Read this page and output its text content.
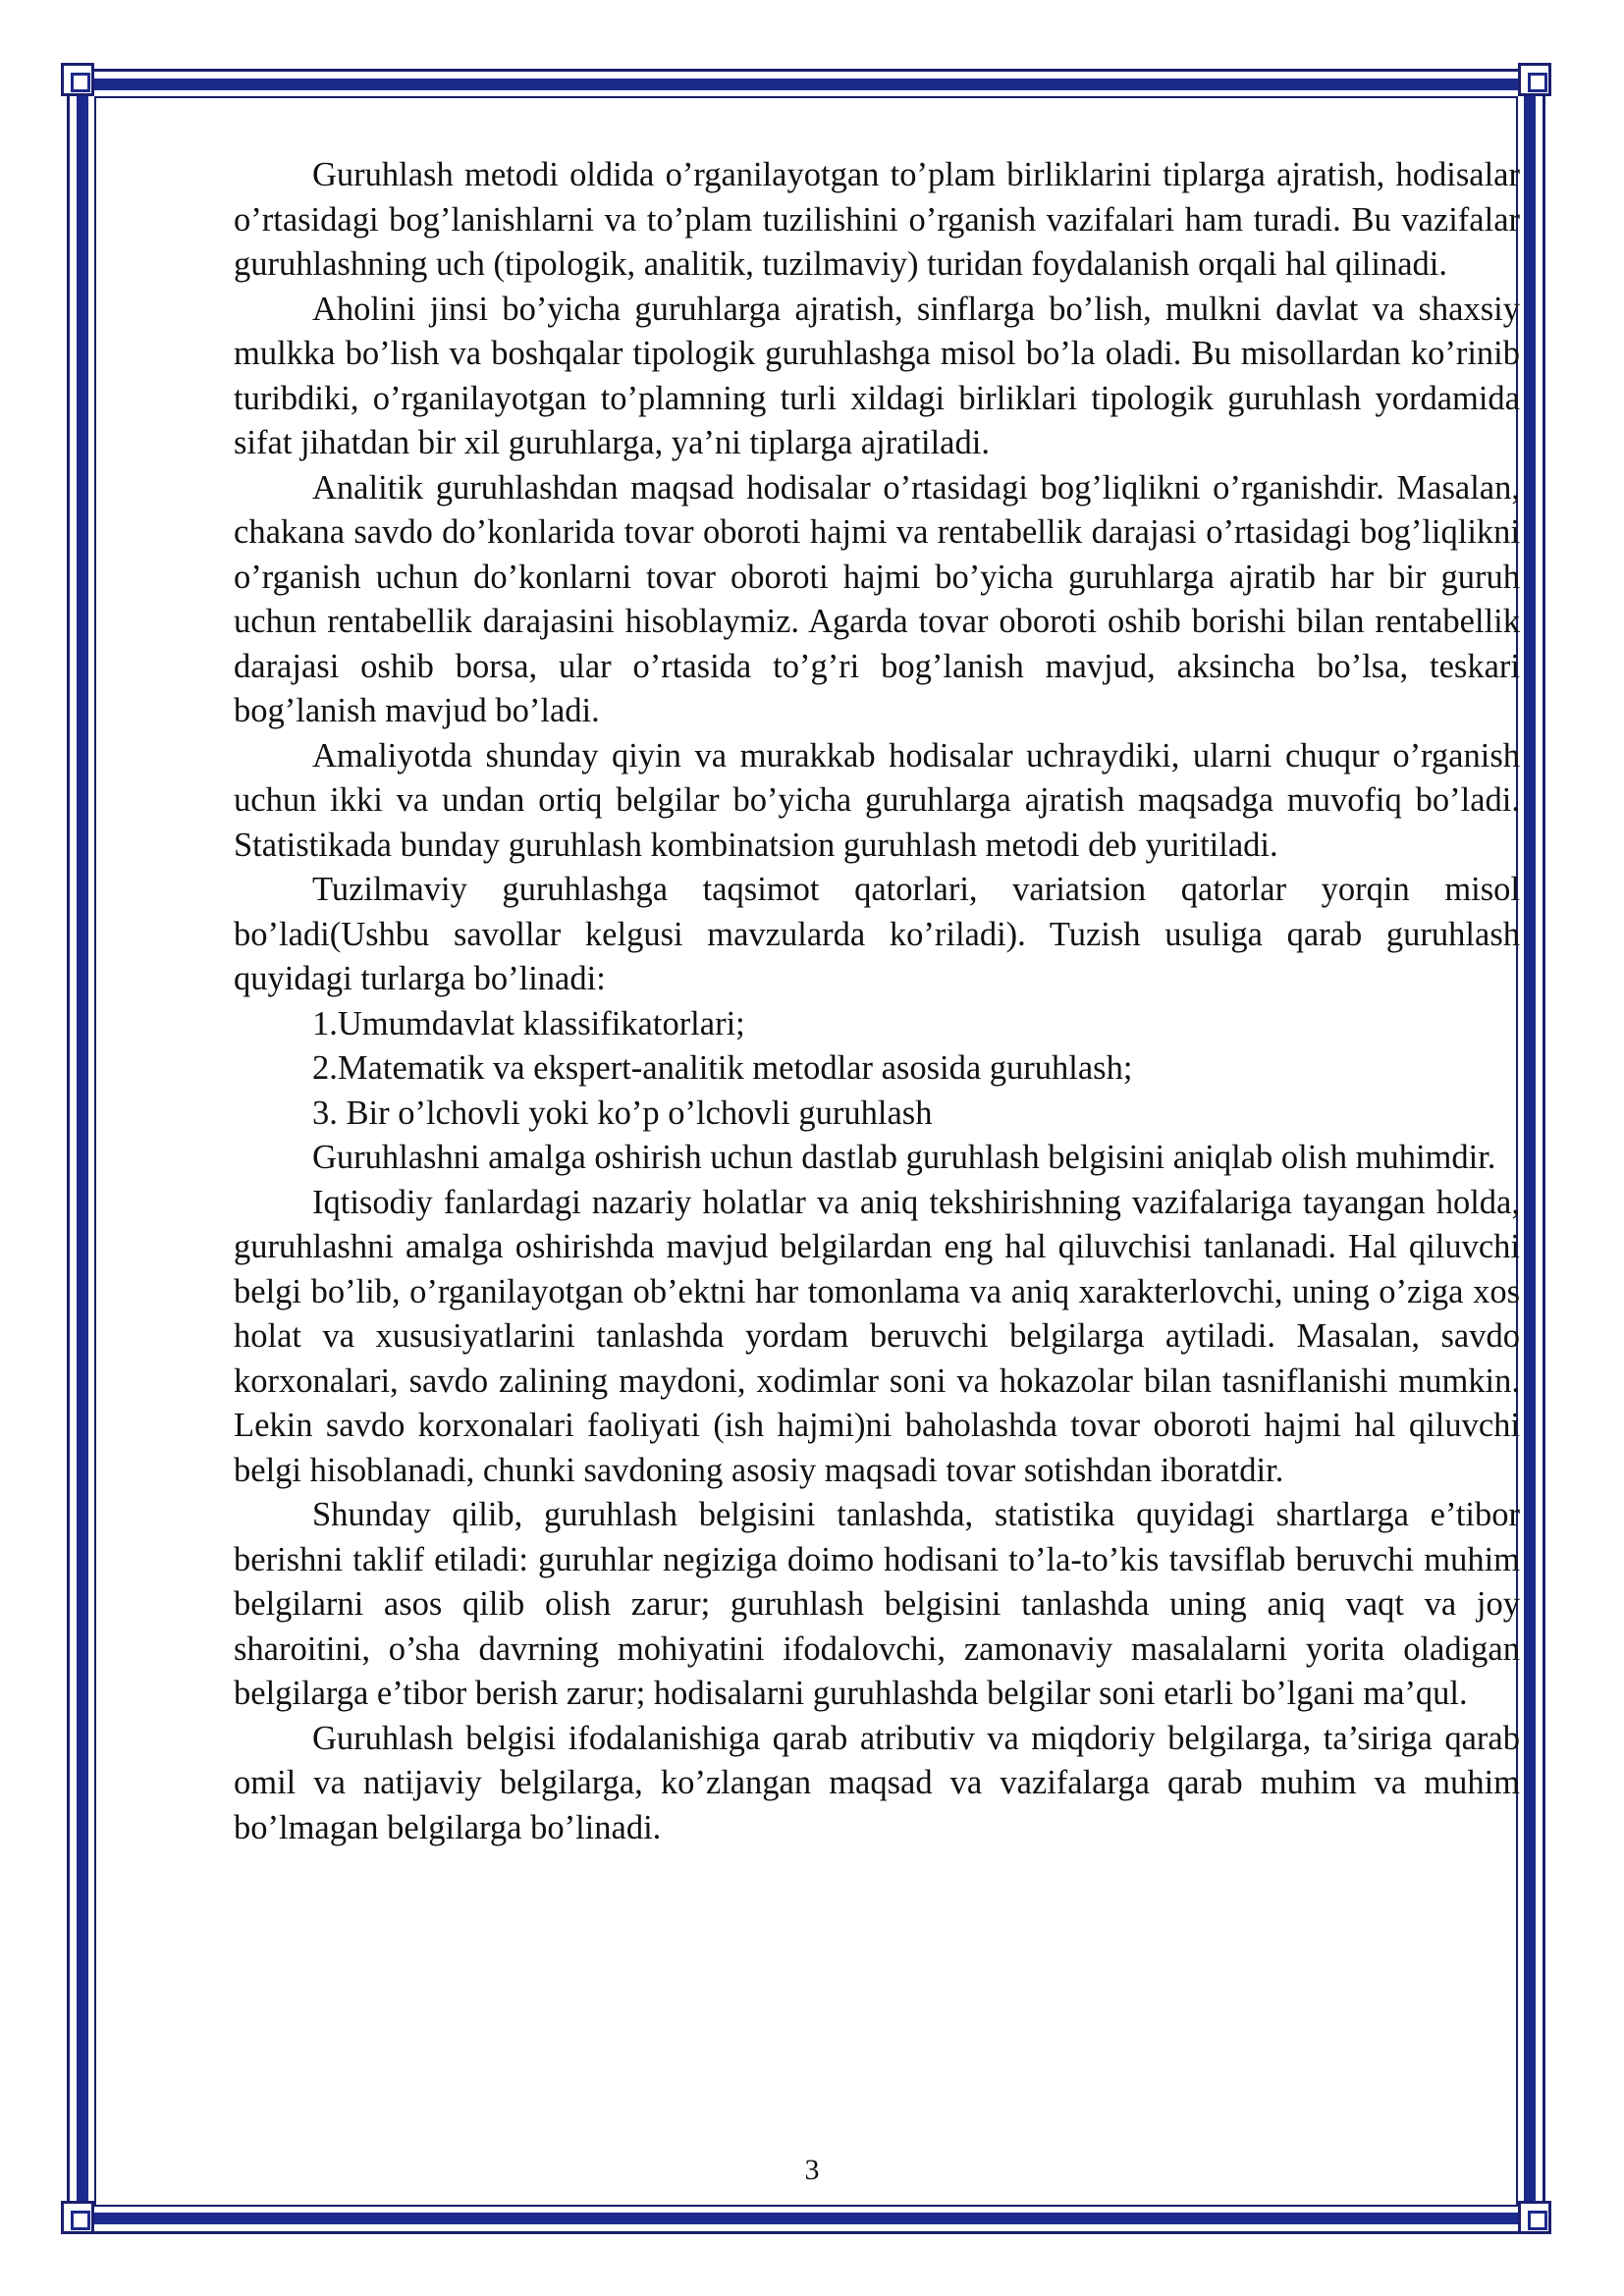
Guruhlash metodi oldida o’rganilayotgan to’plam birliklarini tiplarga ajratish, hodisalar o’rtasidagi bog’lanishlarni va to’plam tuzilishini o’rganish vazifalari ham turadi. Bu vazifalar guruhlashning uch (tipologik, analitik, tuzilmaviy) turidan foydalanish orqali hal qilinadi.

Aholini jinsi bo’yicha guruhlarga ajratish, sinflarga bo’lish, mulkni davlat va shaxsiy mulkka bo’lish va boshqalar tipologik guruhlashga misol bo’la oladi. Bu misollardan ko’rinib turibdiki, o’rganilayotgan to’plamning turli xildagi birliklari tipologik guruhlash yordamida sifat jihatdan bir xil guruhlarga, ya’ni tiplarga ajratiladi.

Analitik guruhlashdan maqsad hodisalar o’rtasidagi bog’liqlikni o’rganishdir. Masalan, chakana savdo do’konlarida tovar oboroti hajmi va rentabellik darajasi o’rtasidagi bog’liqlikni o’rganish uchun do’konlarni tovar oboroti hajmi bo’yicha guruhlarga ajratib har bir guruh uchun rentabellik darajasini hisoblaymiz. Agarda tovar oboroti oshib borishi bilan rentabellik darajasi oshib borsa, ular o’rtasida to’g’ri bog’lanish mavjud, aksincha bo’lsa, teskari bog’lanish mavjud bo’ladi.

Amaliyotda shunday qiyin va murakkab hodisalar uchraydiki, ularni chuqur o’rganish uchun ikki va undan ortiq belgilar bo’yicha guruhlarga ajratish maqsadga muvofiq bo’ladi. Statistikada bunday guruhlash kombinatsion guruhlash metodi deb yuritiladi.

Tuzilmaviy guruhlashga taqsimot qatorlari, variatsion qatorlar yorqin misol bo’ladi(Ushbu savollar kelgusi mavzularda ko’riladi). Tuzish usuliga qarab guruhlash quyidagi turlarga bo’linadi:

1.Umumdavlat klassifikatorlari;

2.Matematik va ekspert-analitik metodlar asosida guruhlash;

3. Bir o’lchovli yoki ko’p o’lchovli guruhlash

Guruhlashni amalga oshirish uchun dastlab guruhlash belgisini aniqlab olish muhimdir.

Iqtisodiy fanlardagi nazariy holatlar va aniq tekshirishning vazifalariga tayangan holda, guruhlashni amalga oshirishda mavjud belgilardan eng hal qiluvchisi tanlanadi. Hal qiluvchi belgi bo’lib, o’rganilayotgan ob’ektni har tomonlama va aniq xarakterlovchi, uning o’ziga xos holat va xususiyatlarini tanlashda yordam beruvchi belgilarga aytiladi. Masalan, savdo korxonalari, savdo zalining maydoni, xodimlar soni va hokazolar bilan tasniflanishi mumkin. Lekin savdo korxonalari faoliyati (ish hajmi)ni baholashda tovar oboroti hajmi hal qiluvchi belgi hisoblanadi, chunki savdoning asosiy maqsadi tovar sotishdan iboratdir.

Shunday qilib, guruhlash belgisini tanlashda, statistika quyidagi shartlarga e’tibor berishni taklif etiladi: guruhlar negiziga doimo hodisani to’la-to’kis tavsiflab beruvchi muhim belgilarni asos qilib olish zarur; guruhlash belgisini tanlashda uning aniq vaqt va joy sharoitini, o’sha davrning mohiyatini ifodalovchi, zamonaviy masalalarni yorita oladigan belgilarga e’tibor berish zarur; hodisalarni guruhlashda belgilar soni etarli bo’lgani ma’qul.

Guruhlash belgisi ifodalanishiga qarab atributiv va miqdoriy belgilarga, ta’siriga qarab omil va natijaviy belgilarga, ko’zlangan maqsad va vazifalarga qarab muhim va muhim bo’lmagan belgilarga bo’linadi.

3
